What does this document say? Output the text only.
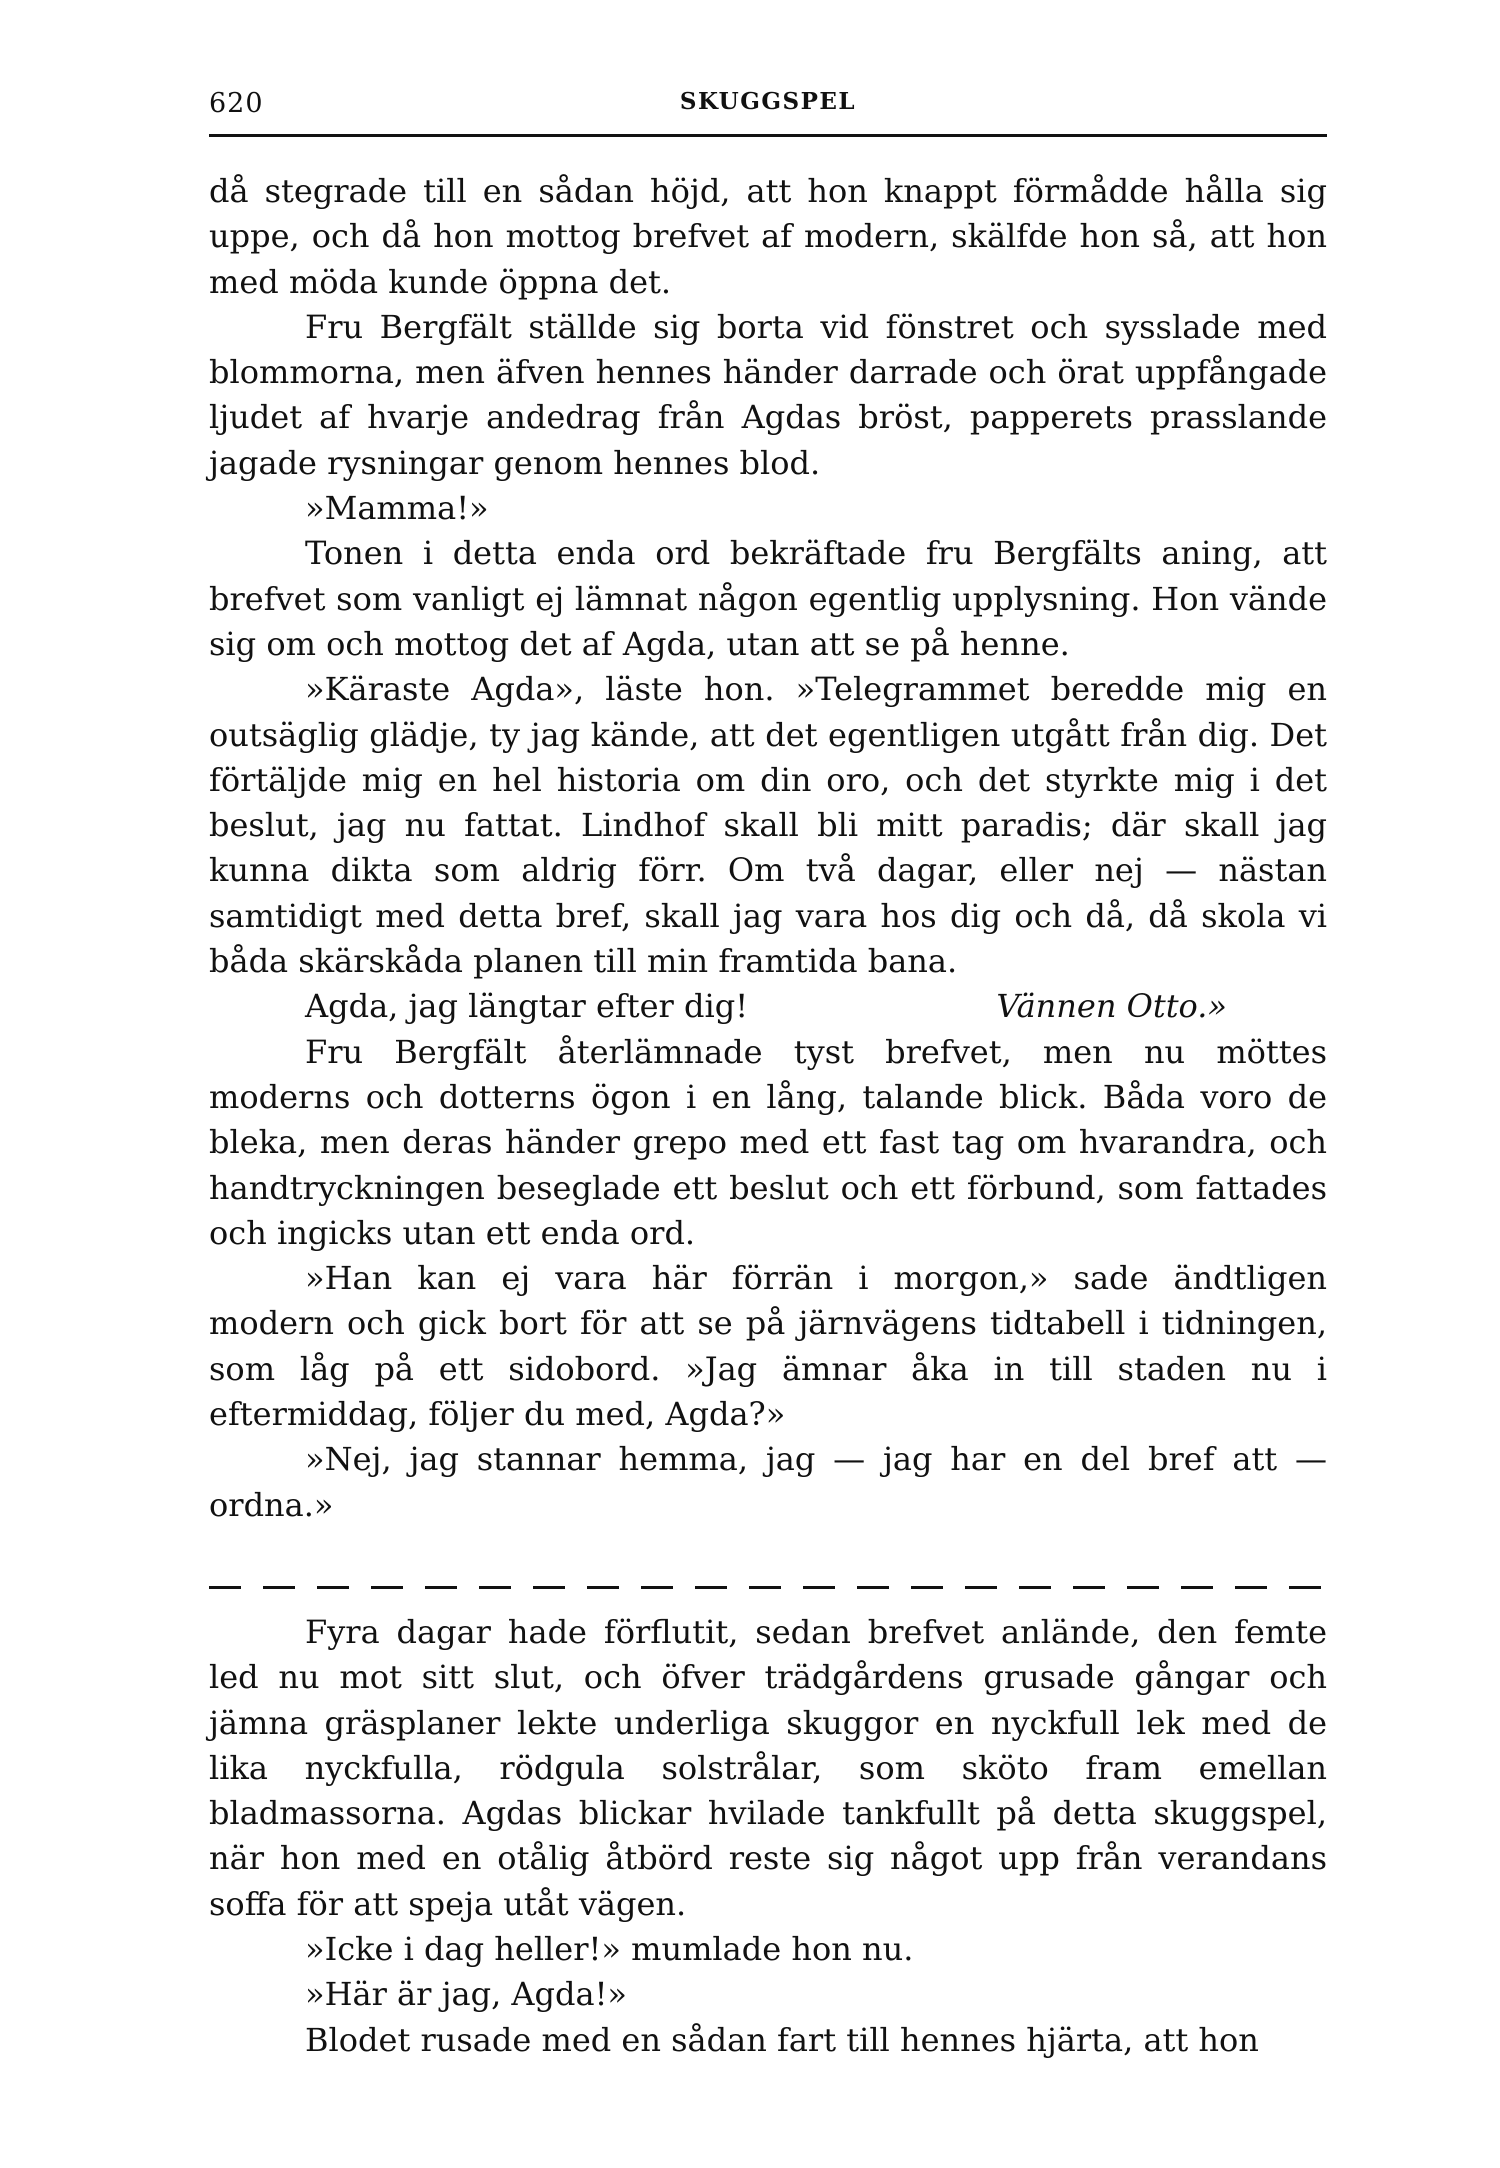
620	SKUGGSPEL

då stegrade till en sådan höjd, att hon knappt förmådde hålla sig uppe, och då hon mottog brefvet af modern, skälfde hon så, att hon med möda kunde öppna det.

Fru Bergfält ställde sig borta vid fönstret och sysslade med blommorna, men äfven hennes händer darrade och örat uppfångade ljudet af hvarje andedrag från Agdas bröst, papperets prasslande jagade rysningar genom hennes blod.

»Mamma!»

Tonen i detta enda ord bekräftade fru Bergfälts aning, att brefvet som vanligt ej lämnat någon egentlig upplysning. Hon vände sig om och mottog det af Agda, utan att se på henne.

»Käraste Agda», läste hon. »Telegrammet beredde mig en outsäglig glädje, ty jag kände, att det egentligen utgått från dig. Det förtäljde mig en hel historia om din oro, och det styrkte mig i det beslut, jag nu fattat. Lindhof skall bli mitt paradis; där skall jag kunna dikta som aldrig förr. Om två dagar, eller nej — nästan samtidigt med detta bref, skall jag vara hos dig och då, då skola vi båda skärskåda planen till min framtida bana.

Agda, jag längtar efter dig!	Vännen Otto.»

Fru Bergfält återlämnade tyst brefvet, men nu möttes moderns och dotterns ögon i en lång, talande blick. Båda voro de bleka, men deras händer grepo med ett fast tag om hvarandra, och handtryckningen beseglade ett beslut och ett förbund, som fattades och ingicks utan ett enda ord.

»Han kan ej vara här förrän i morgon,» sade ändtligen modern och gick bort för att se på järnvägens tidtabell i tidningen, som låg på ett sidobord. »Jag ämnar åka in till staden nu i eftermiddag, följer du med, Agda?»

»Nej, jag stannar hemma, jag — jag har en del bref att — ordna.»

Fyra dagar hade förflutit, sedan brefvet anlände, den femte led nu mot sitt slut, och öfver trädgårdens grusade gångar och jämna gräsplaner lekte underliga skuggor en nyckfull lek med de lika nyckfulla, rödgula solstrålar, som sköto fram emellan bladmassorna. Agdas blickar hvilade tankfullt på detta skuggspel, när hon med en otålig åtbörd reste sig något upp från verandans soffa för att speja utåt vägen.

»Icke i dag heller!» mumlade hon nu.

»Här är jag, Agda!»

Blodet rusade med en sådan fart till hennes hjärta, att hon
